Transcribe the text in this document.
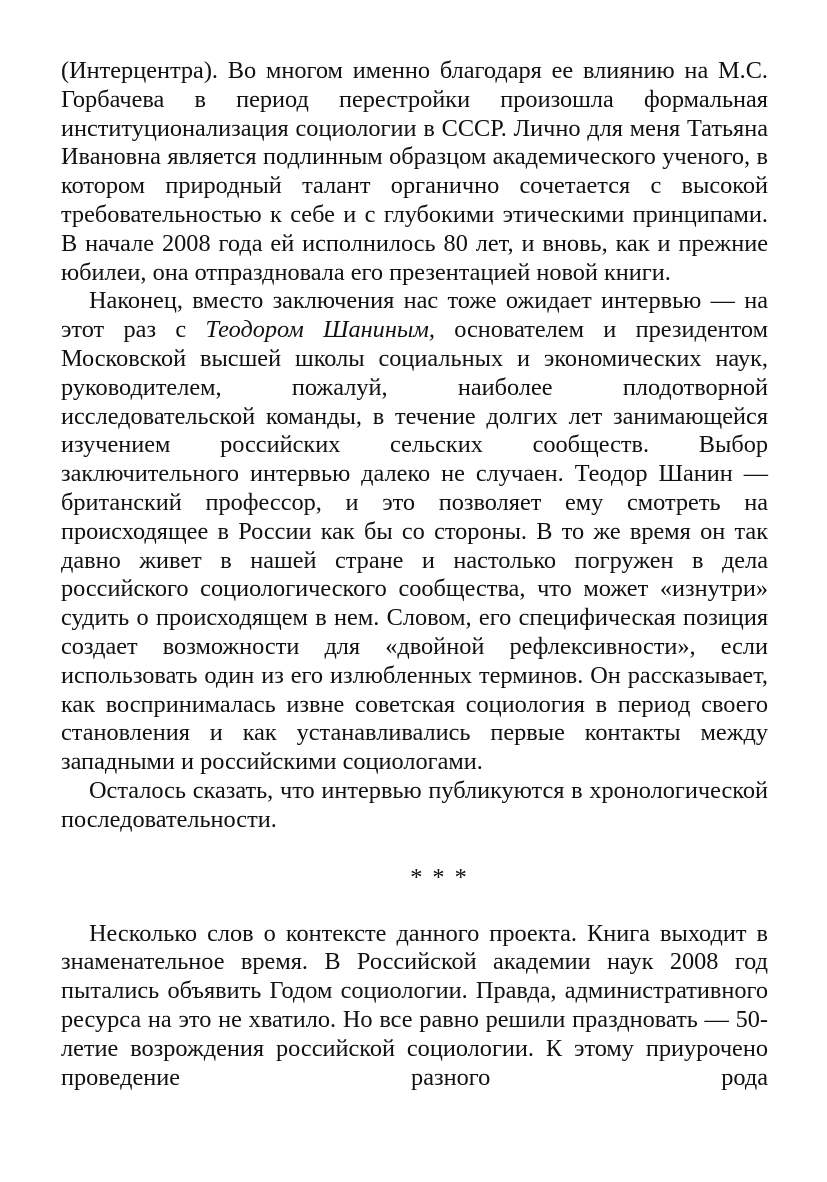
(Интерцентра). Во многом именно благодаря ее влиянию на М.С. Горбачева в период перестройки произошла формальная институционализация социологии в СССР. Лично для меня Татьяна Ивановна является подлинным образцом академического ученого, в котором природный талант органично сочетается с высокой требовательностью к себе и с глубокими этическими принципами. В начале 2008 года ей исполнилось 80 лет, и вновь, как и прежние юбилеи, она отпраздновала его презентацией новой книги.

Наконец, вместо заключения нас тоже ожидает интервью — на этот раз с Теодором Шаниным, основателем и президентом Московской высшей школы социальных и экономических наук, руководителем, пожалуй, наиболее плодотворной исследовательской команды, в течение долгих лет занимающейся изучением российских сельских сообществ. Выбор заключительного интервью далеко не случаен. Теодор Шанин — британский профессор, и это позволяет ему смотреть на происходящее в России как бы со стороны. В то же время он так давно живет в нашей стране и настолько погружен в дела российского социологического сообщества, что может «изнутри» судить о происходящем в нем. Словом, его специфическая позиция создает возможности для «двойной рефлексивности», если использовать один из его излюбленных терминов. Он рассказывает, как воспринималась извне советская социология в период своего становления и как устанавливались первые контакты между западными и российскими социологами.

Осталось сказать, что интервью публикуются в хронологической последовательности.

* * *

Несколько слов о контексте данного проекта. Книга выходит в знаменательное время. В Российской академии наук 2008 год пытались объявить Годом социологии. Правда, административного ресурса на это не хватило. Но все равно решили праздновать — 50-летие возрождения российской социологии. К этому приурочено проведение разного рода
